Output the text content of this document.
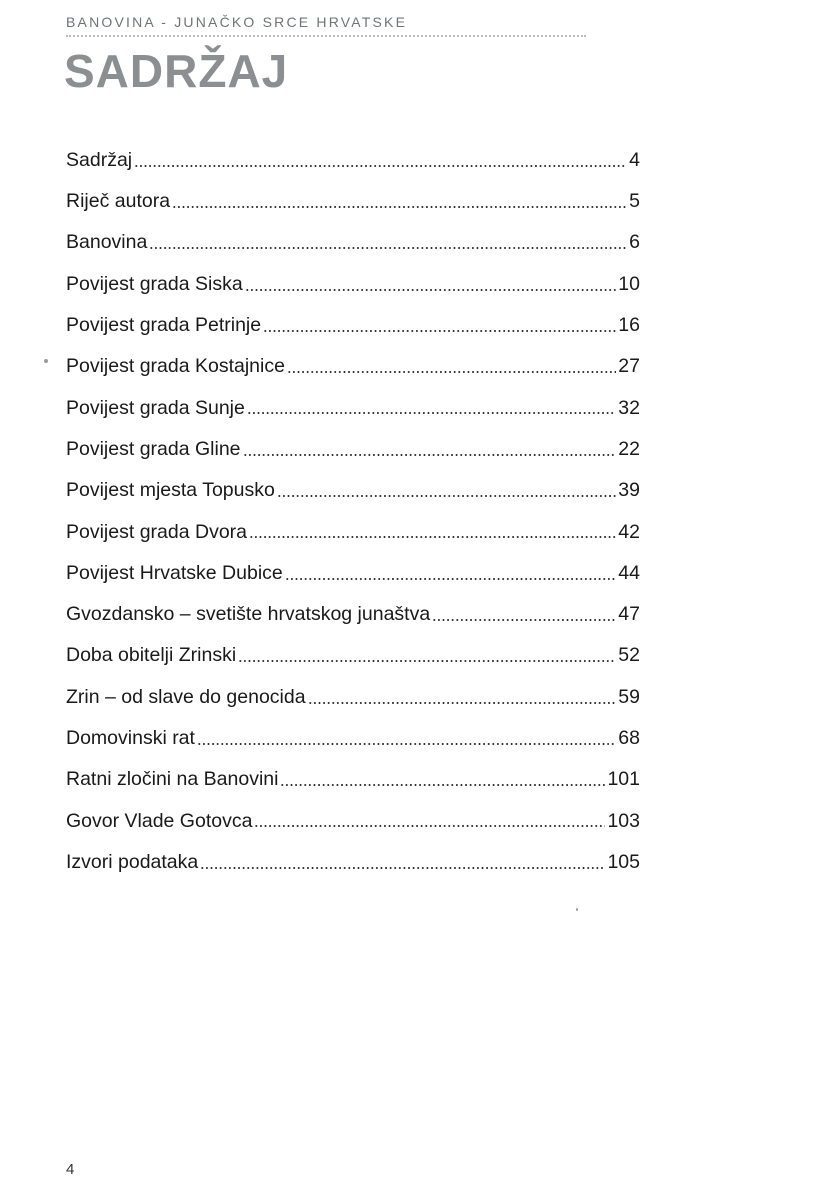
BANOVINA - JUNAČKO SRCE HRVATSKE
SADRŽAJ
Sadržaj	4
Riječ autora	5
Banovina	6
Povijest grada Siska	10
Povijest grada Petrinje	16
Povijest grada Kostajnice	27
Povijest grada Sunje	32
Povijest grada Gline	22
Povijest mjesta Topusko	39
Povijest grada Dvora	42
Povijest Hrvatske Dubice	44
Gvozdansko – svetište hrvatskog junaštva	47
Doba obitelji Zrinski	52
Zrin – od slave do genocida	59
Domovinski rat	68
Ratni zločini na Banovini	101
Govor Vlade Gotovca	103
Izvori podataka	105
4
